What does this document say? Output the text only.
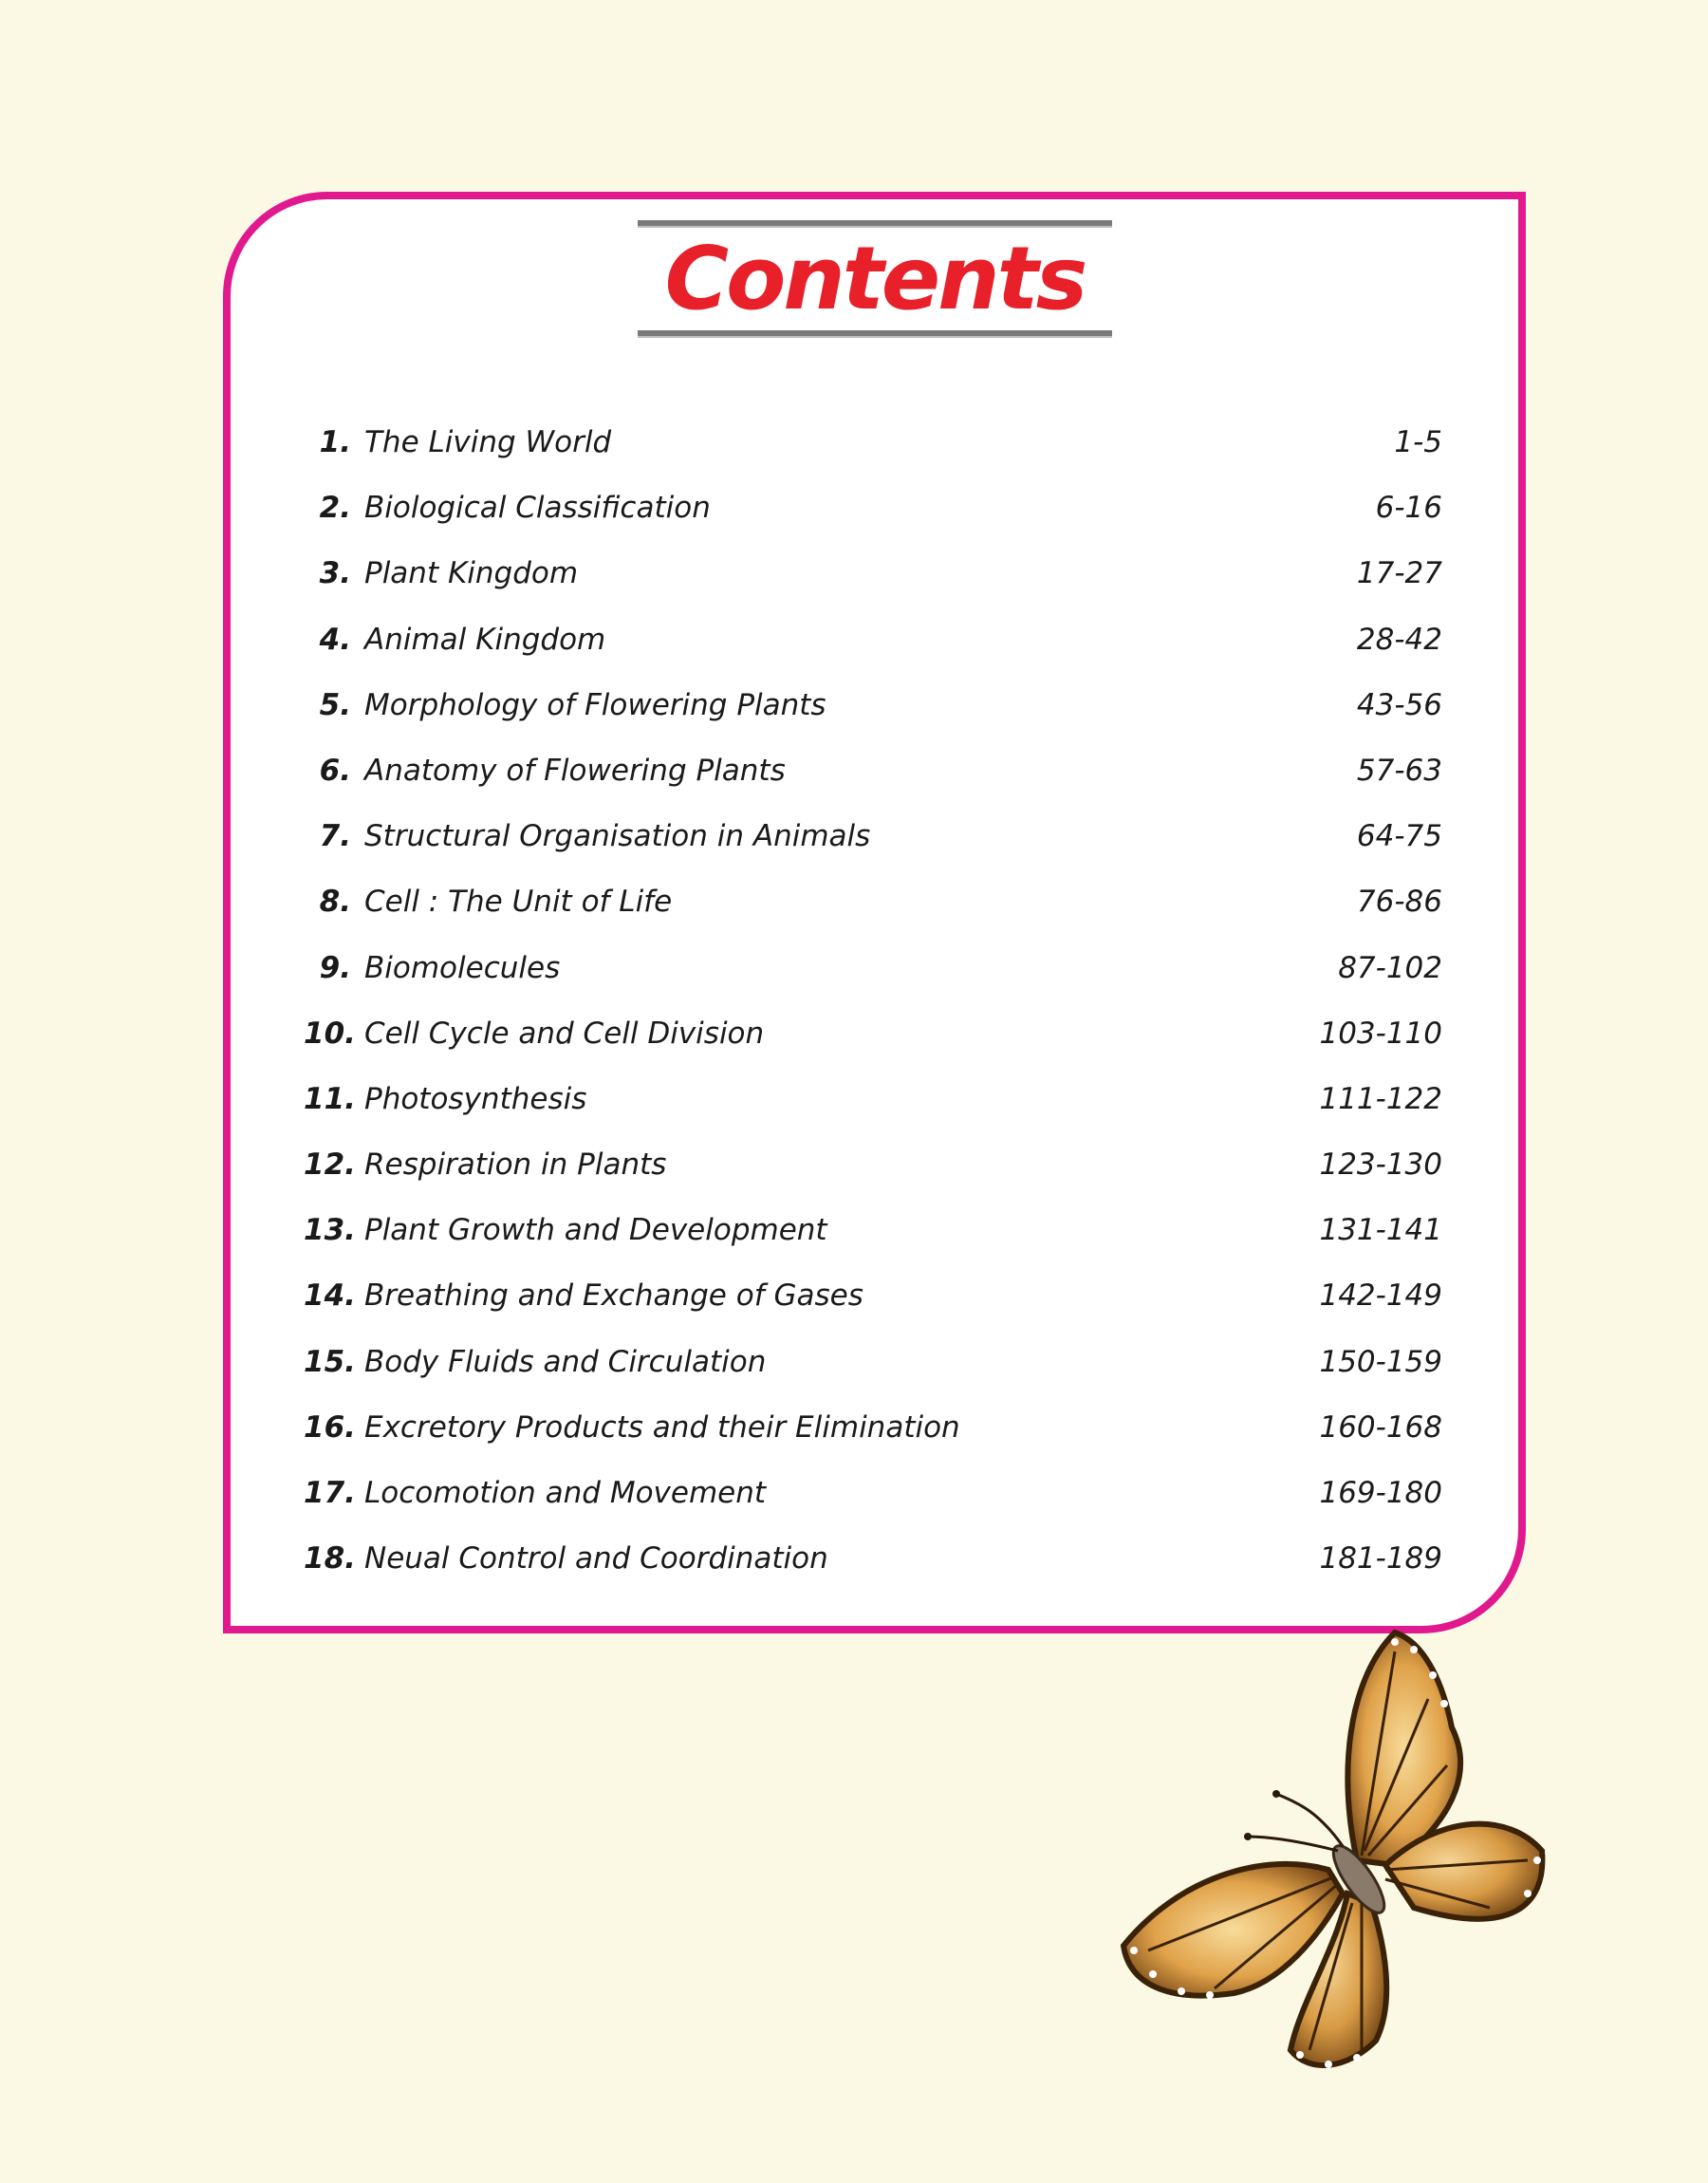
Contents
1. The Living World	1-5
2. Biological Classification	6-16
3. Plant Kingdom	17-27
4. Animal Kingdom	28-42
5. Morphology of Flowering Plants	43-56
6. Anatomy of Flowering Plants	57-63
7. Structural Organisation in Animals	64-75
8. Cell : The Unit of Life	76-86
9. Biomolecules	87-102
10. Cell Cycle and Cell Division	103-110
11. Photosynthesis	111-122
12. Respiration in Plants	123-130
13. Plant Growth and Development	131-141
14. Breathing and Exchange of Gases	142-149
15. Body Fluids and Circulation	150-159
16. Excretory Products and their Elimination	160-168
17. Locomotion and Movement	169-180
18. Neual Control and Coordination	181-189
